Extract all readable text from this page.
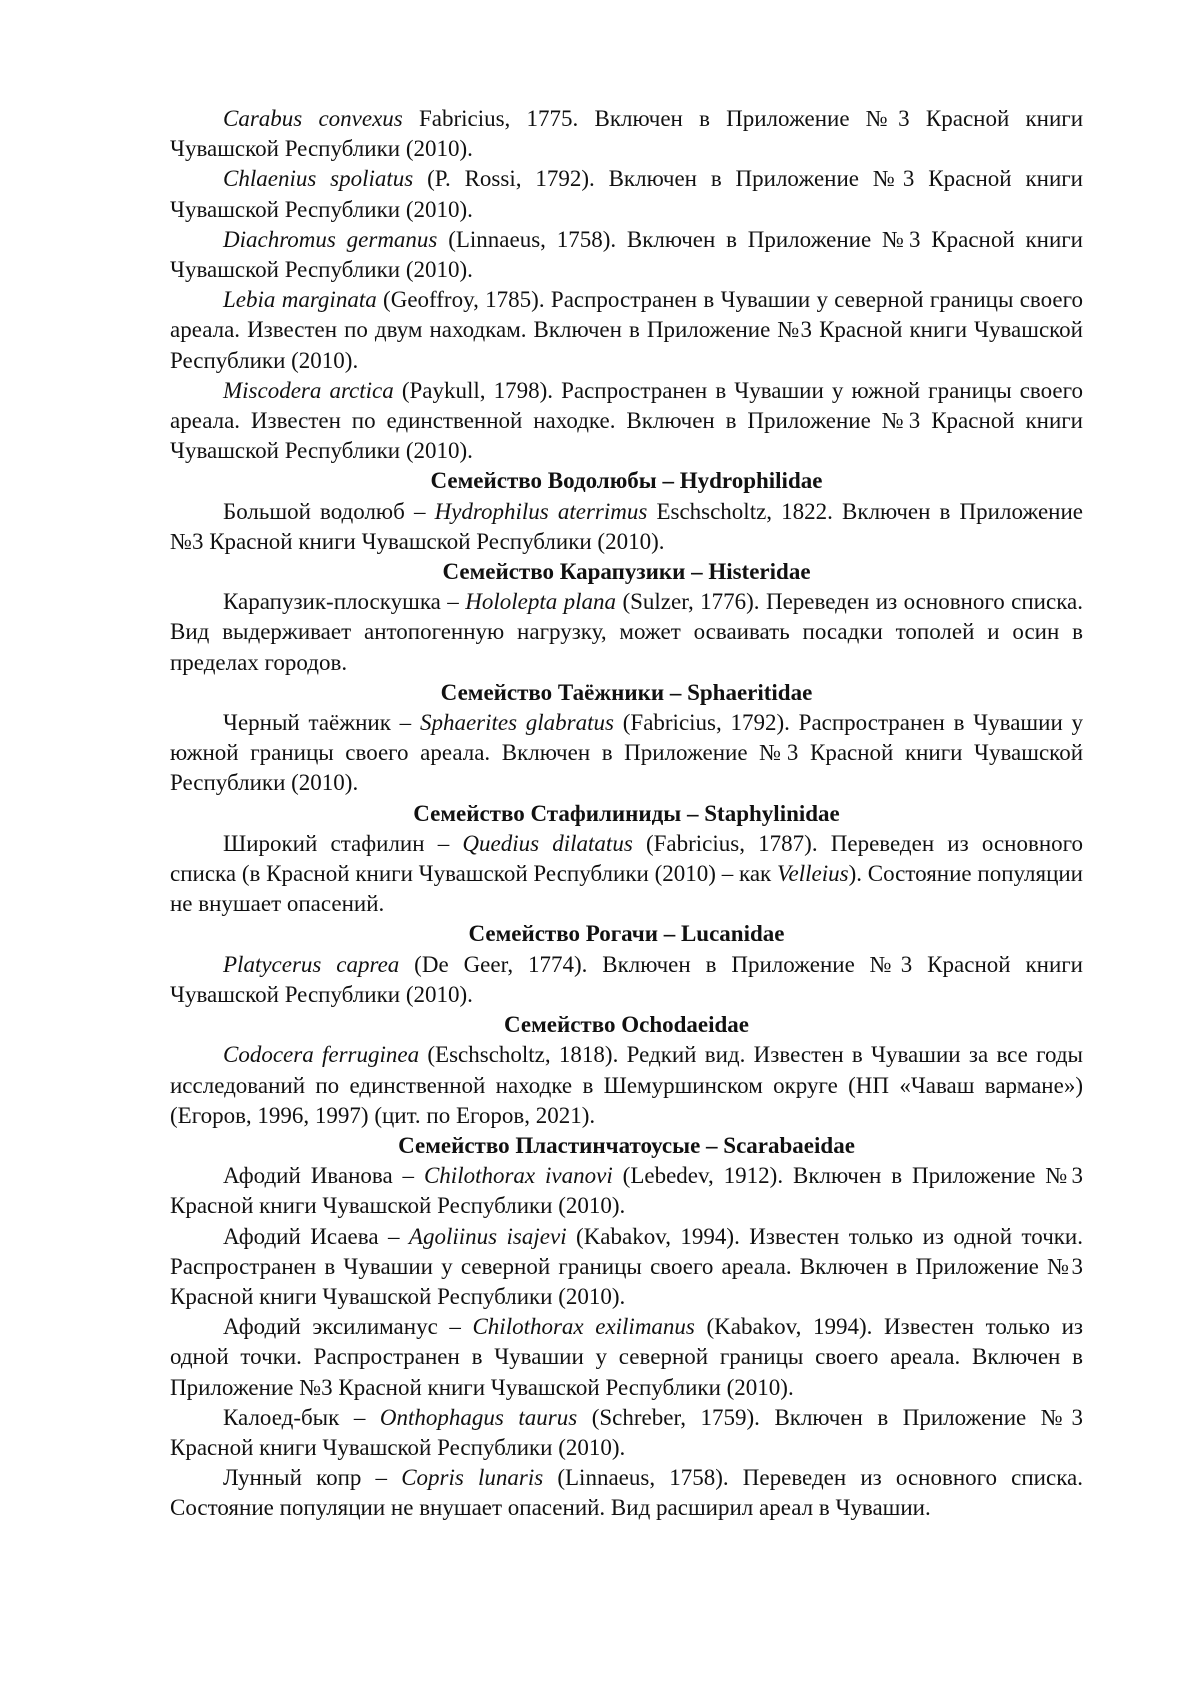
Carabus convexus Fabricius, 1775. Включен в Приложение №3 Красной книги Чувашской Республики (2010).

Chlaenius spoliatus (P. Rossi, 1792). Включен в Приложение №3 Красной книги Чувашской Республики (2010).

Diachromus germanus (Linnaeus, 1758). Включен в Приложение №3 Красной книги Чувашской Республики (2010).

Lebia marginata (Geoffroy, 1785). Распространен в Чувашии у северной границы своего ареала. Известен по двум находкам. Включен в Приложение №3 Красной книги Чувашской Республики (2010).

Miscodera arctica (Paykull, 1798). Распространен в Чувашии у южной границы своего ареала. Известен по единственной находке. Включен в Приложение №3 Красной книги Чувашской Республики (2010).

Семейство Водолюбы – Hydrophilidae

Большой водолюб – Hydrophilus aterrimus Eschscholtz, 1822. Включен в Приложение №3 Красной книги Чувашской Республики (2010).

Семейство Карапузики – Histeridae

Карапузик-плоскушка – Hololepta plana (Sulzer, 1776). Переведен из основного списка. Вид выдерживает антопогенную нагрузку, может осваивать посадки тополей и осин в пределах городов.

Семейство Таёжники – Sphaeritidae

Черный таёжник – Sphaerites glabratus (Fabricius, 1792). Распространен в Чувашии у южной границы своего ареала. Включен в Приложение №3 Красной книги Чувашской Республики (2010).

Семейство Стафилиниды – Staphylinidae

Широкий стафилин – Quedius dilatatus (Fabricius, 1787). Переведен из основного списка (в Красной книги Чувашской Республики (2010) – как Velleius). Состояние популяции не внушает опасений.

Семейство Рогачи – Lucanidae

Platycerus caprea (De Geer, 1774). Включен в Приложение №3 Красной книги Чувашской Республики (2010).

Семейство Ochodaeidae

Codocera ferruginea (Eschscholtz, 1818). Редкий вид. Известен в Чувашии за все годы исследований по единственной находке в Шемуршинском округе (НП «Чаваш вармане») (Егоров, 1996, 1997) (цит. по Егоров, 2021).

Семейство Пластинчатоусые – Scarabaeidae

Афодий Иванова – Chilothorax ivanovi (Lebedev, 1912). Включен в Приложение №3 Красной книги Чувашской Республики (2010).

Афодий Исаева – Agoliinus isajevi (Kabakov, 1994). Известен только из одной точки. Распространен в Чувашии у северной границы своего ареала. Включен в Приложение №3 Красной книги Чувашской Республики (2010).

Афодий эксилиманус – Chilothorax exilimanus (Kabakov, 1994). Известен только из одной точки. Распространен в Чувашии у северной границы своего ареала. Включен в Приложение №3 Красной книги Чувашской Республики (2010).

Калоед-бык – Onthophagus taurus (Schreber, 1759). Включен в Приложение №3 Красной книги Чувашской Республики (2010).

Лунный копр – Copris lunaris (Linnaeus, 1758). Переведен из основного списка. Состояние популяции не внушает опасений. Вид расширил ареал в Чувашии.
